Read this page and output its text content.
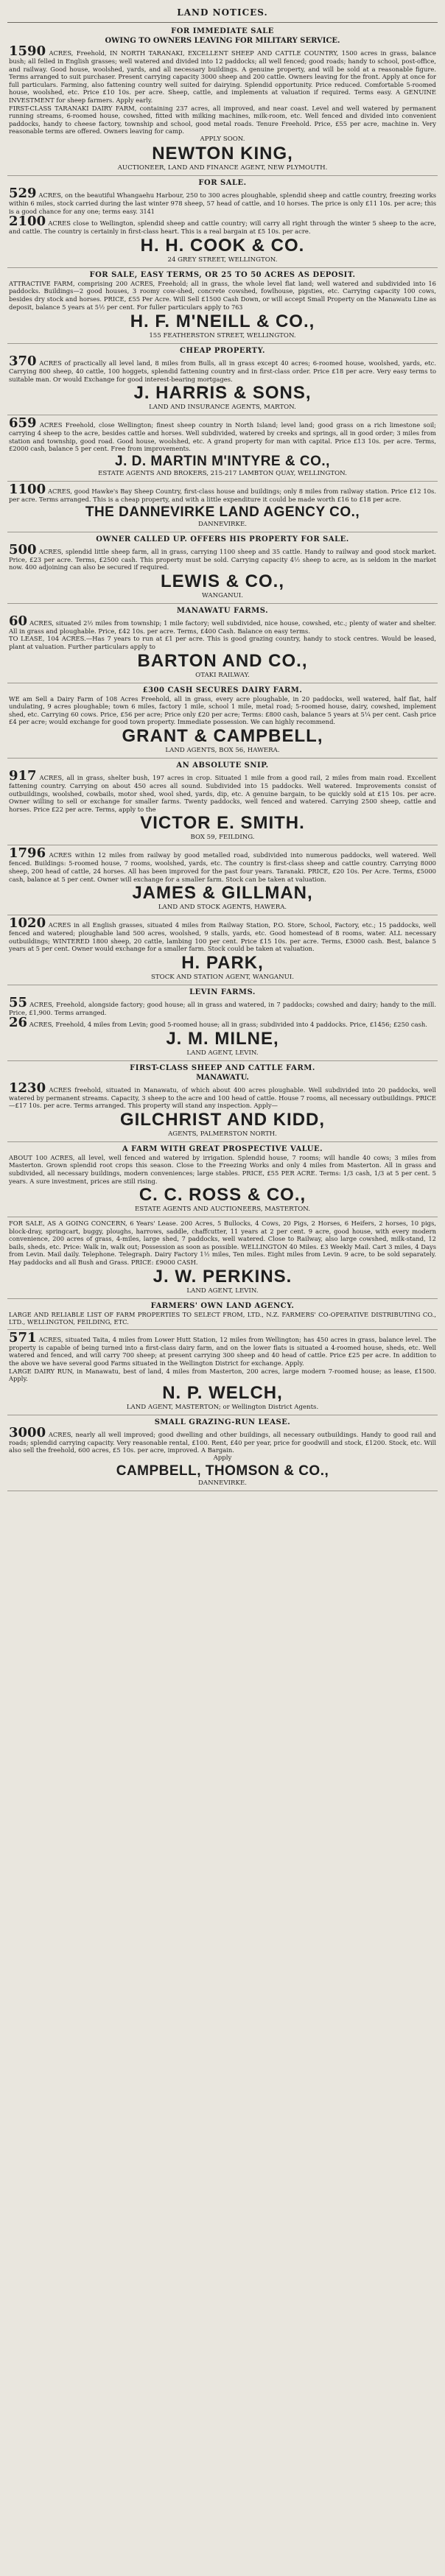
LAND NOTICES.
FOR IMMEDIATE SALE
OWING TO OWNERS LEAVING FOR MILITARY SERVICE.
1590 ACRES, Freehold, IN NORTH TARANAKI, EXCELLENT SHEEP AND CATTLE COUNTRY, 1500 acres in grass, balance bush; all felled in English grasses; well watered and divided into 12 paddocks; all well fenced; good roads; handy to school, post-office, and railway. Good house, woolshed, yards, and all necessary buildings. A genuine property, and will be sold at a reasonable figure. Terms arranged to suit purchaser. Present carrying capacity 3000 sheep and 200 cattle. Owners leaving for the front. Apply at once for full particulars. Farming, also fattening country well suited for dairying. Splendid opportunity. Price reduced. Comfortable 5-roomed house, woolshed, etc. Price £10 10s. per acre. Sheep, cattle, and implements at valuation if required. Terms easy. A GENUINE INVESTMENT for sheep farmers. Apply early.
FIRST-CLASS TARANAKI DAIRY FARM, containing 237 acres, all improved, and near coast. Level and well watered by permanent running streams, 6-roomed house, cowshed, fitted with milking machines, milk-room, etc. Well fenced and divided into convenient paddocks, handy to cheese factory, township and school, good metal roads. Tenure Freehold. Price, £55 per acre, machine in. Very reasonable terms are offered. Owners leaving for camp.
APPLY SOON.
NEWTON KING,
AUCTIONEER, LAND AND FINANCE AGENT, NEW PLYMOUTH.
FOR SALE.
529 ACRES, on the beautiful Whangaehu Harbour, 250 to 300 acres ploughable, splendid sheep and cattle country, freezing works within 6 miles, stock carried during the last winter 978 sheep, 57 head of cattle, and 10 horses. The price is only £11 10s. per acre; this is a good chance for any one; terms easy. 3141
2100 ACRES close to Wellington, splendid sheep and cattle country; will carry all right through the winter 5 sheep to the acre, and cattle. The country is certainly in first-class heart. This is a real bargain at £5 10s. per acre.
H. H. COOK & CO.
24 GREY STREET, WELLINGTON.
FOR SALE, EASY TERMS, OR 25 TO 50 ACRES AS DEPOSIT.
ATTRACTIVE FARM, comprising 200 ACRES, Freehold; all in grass, the whole level flat land; well watered and subdivided into 16 paddocks. Buildings—2 good houses, 3 roomy cow-shed, concrete cowshed, fowlhouse, pigsties, etc. Carrying capacity 100 cows, besides dry stock and horses. PRICE, £55 Per Acre. Will Sell £1500 Cash Down, or will accept Small Property on the Manawatu Line as deposit, balance 5 years at 5½ per cent. For fuller particulars apply to 763
H. F. M'NEILL & CO.,
155 FEATHERSTON STREET, WELLINGTON.
CHEAP PROPERTY.
370 ACRES of practically all level land, 8 miles from Bulls, all in grass except 40 acres; 6-roomed house, woolshed, yards, etc. Carrying 800 sheep, 40 cattle, 100 hoggets, splendid fattening country and in first-class order. Price £18 per acre. Very easy terms to suitable man. Or would Exchange for good interest-bearing mortgages.
J. HARRIS & SONS,
LAND AND INSURANCE AGENTS, MARTON.
659 ACRES Freehold, close Wellington; finest sheep country in North Island; level land; good grass on a rich limestone soil; carrying 4 sheep to the acre, besides cattle and horses. Well subdivided, watered by creeks and springs, all in good order; 3 miles from station and township, good road. Good house, woolshed, etc. A grand property for man with capital. Price £13 10s. per acre. Terms, £2000 cash, balance 5 per cent. Free from improvements.
J. D. MARTIN M'INTYRE & CO.,
ESTATE AGENTS AND BROKERS, 215-217 LAMBTON QUAY, WELLINGTON.
1100 ACRES, good Hawke's Bay Sheep Country, first-class house and buildings; only 8 miles from railway station. Price £12 10s. per acre. Terms arranged. This is a cheap property, and with a little expenditure it could be made worth £16 to £18 per acre.
THE DANNEVIRKE LAND AGENCY CO.,
DANNEVIRKE.
OWNER CALLED UP. OFFERS HIS PROPERTY FOR SALE.
500 ACRES, splendid little sheep farm, all in grass, carrying 1100 sheep and 35 cattle. Handy to railway and good stock market. Price, £23 per acre. Terms, £2500 cash. This property must be sold. Carrying capacity 4½ sheep to acre, as is seldom in the market now. 400 adjoining can also be secured if required.
LEWIS & CO.,
WANGANUI.
MANAWATU FARMS.
60 ACRES, situated 2½ miles from township; 1 mile factory; well subdivided, nice house, cowshed, etc.; plenty of water and shelter. All in grass and ploughable. Price, £42 10s. per acre. Terms, £400 Cash. Balance on easy terms.
TO LEASE, 104 ACRES.—Has 7 years to run at £1 per acre. This is good grazing country, handy to stock centres. Would be leased, plant at valuation. Further particulars apply to
BARTON AND CO.,
OTAKI RAILWAY.
£300 CASH SECURES DAIRY FARM.
WE am Sell a Dairy Farm of 108 Acres Freehold, all in grass, every acre ploughable, in 20 paddocks, well watered, half flat, half undulating, 9 acres ploughable; town 6 miles, factory 1 mile, school 1 mile, metal road; 5-roomed house, dairy, cowshed, implement shed, etc. Carrying 60 cows. Price, £56 per acre; Price only £20 per acre; Terms: £800 cash, balance 5 years at 5¼ per cent. Cash price £4 per acre; would exchange for good town property. Immediate possession. We can highly recommend.
GRANT & CAMPBELL,
LAND AGENTS, BOX 56, HAWERA.
AN ABSOLUTE SNIP.
917 ACRES, all in grass, shelter bush, 197 acres in crop. Situated 1 mile from a good rail, 2 miles from main road. Excellent fattening country. Carrying on about 450 acres all sound. Subdivided into 15 paddocks. Well watered. Improvements consist of outbuildings, woolshed, cowbails, motor shed, wool shed, yards, dip, etc. A genuine bargain, to be quickly sold at £15 10s. per acre. Owner willing to sell or exchange for smaller farms. Twenty paddocks, well fenced and watered. Carrying 2500 sheep, cattle and horses. Price £22 per acre. Terms, apply to the
VICTOR E. SMITH.
BOX 59, FEILDING.
1796 ACRES within 12 miles from railway by good metalled road, subdivided into numerous paddocks, well watered. Well fenced. Buildings: 5-roomed house, 7 rooms, woolshed, yards, etc. The country is first-class sheep and cattle country. Carrying 8000 sheep, 200 head of cattle, 24 horses. All has been improved for the past four years. Taranaki. PRICE, £20 10s. Per Acre. Terms, £5000 cash, balance at 5 per cent. Owner will exchange for a smaller farm. Stock can be taken at valuation.
JAMES & GILLMAN,
LAND AND STOCK AGENTS, HAWERA.
1020 ACRES in all English grasses, situated 4 miles from Railway Station, P.O. Store, School, Factory, etc.; 15 paddocks, well fenced and watered; ploughable land 500 acres, woolshed, 9 stalls, yards, etc. Good homestead of 8 rooms, water. ALL necessary outbuildings; WINTERED 1800 sheep, 20 cattle, lambing 100 per cent. Price £15 10s. per acre. Terms, £3000 cash. Best, balance 5 years at 5 per cent. Owner would exchange for a smaller farm. Stock could be taken at valuation.
H. PARK,
STOCK AND STATION AGENT, WANGANUI.
LEVIN FARMS.
55 ACRES, Freehold, alongside factory; good house; all in grass and watered, in 7 paddocks; cowshed and dairy; handy to the mill. Price, £1,900. Terms arranged.
26 ACRES, Freehold, 4 miles from Levin; good 5-roomed house; all in grass; subdivided into 4 paddocks. Price, £1456; £250 cash.
J. M. MILNE,
LAND AGENT, LEVIN.
FIRST-CLASS SHEEP AND CATTLE FARM.
MANAWATU.
1230 ACRES freehold, situated in Manawatu, of which about 400 acres ploughable. Well subdivided into 20 paddocks, well watered by permanent streams. Capacity, 3 sheep to the acre and 100 head of cattle. House 7 rooms, all necessary outbuildings. PRICE—£17 10s. per acre. Terms arranged. This property will stand any inspection. Apply—
GILCHRIST AND KIDD,
AGENTS, PALMERSTON NORTH.
A FARM WITH GREAT PROSPECTIVE VALUE.
ABOUT 100 ACRES, all level, well fenced and watered by irrigation. Splendid house, 7 rooms; will handle 40 cows; 3 miles from Masterton. Grown splendid root crops this season. Close to the Freezing Works and only 4 miles from Masterton. All in grass and subdivided, all necessary buildings, modern conveniences; large stables. PRICE, £55 PER ACRE. Terms: 1/3 cash, 1/3 at 5 per cent. 5 years. A sure investment, prices are still rising.
C. C. ROSS & CO.,
ESTATE AGENTS AND AUCTIONEERS, MASTERTON.
FOR SALE, AS A GOING CONCERN, 6 Years' Lease. 200 Acres, 5 Bullocks, 4 Cows, 20 Pigs, 2 Horses, 6 Heifers, 2 horses, 10 pigs, block-dray, springcart, buggy, ploughs, harrows, saddle, chaffcutter, 11 years at 2 per cent. 9 acre, good house, with every modern convenience, 200 acres of grass, 4-miles, large shed, 7 paddocks, well watered. Close to Railway, also large cowshed, milk-stand, 12 bails, sheds, etc. Price: Walk in, walk out; Possession as soon as possible. WELLINGTON 40 Miles. £3 Weekly Mail. Cart 3 miles, 4 Days from Levin. Mail daily. Telephone. Telegraph. Dairy Factory 1½ miles, Ten miles. Eight miles from Levin. 9 acre, to be sold separately. Hay paddocks and all Bush and Grass. PRICE: £9000 CASH.
J. W. PERKINS.
LAND AGENT, LEVIN.
FARMERS' OWN LAND AGENCY.
LARGE AND RELIABLE LIST OF FARM PROPERTIES TO SELECT FROM, LTD., N.Z. FARMERS' CO-OPERATIVE DISTRIBUTING CO., LTD., WELLINGTON, FEILDING, ETC.
571 ACRES, situated Taita, 4 miles from Lower Hutt Station, 12 miles from Wellington; has 450 acres in grass, balance level. The property is capable of being turned into a first-class dairy farm, and on the lower flats is situated a 4-roomed house, sheds, etc. Well watered and fenced, and will carry 700 sheep; at present carrying 300 sheep and 40 head of cattle. Price £25 per acre. In addition to the above we have several good Farms situated in the Wellington District for exchange. Apply.
LARGE DAIRY RUN, in Manawatu, best of land, 4 miles from Masterton, 200 acres, large modern 7-roomed house; as lease, £1500. Apply.
N. P. WELCH,
LAND AGENT, MASTERTON; or Wellington District Agents.
SMALL GRAZING-RUN LEASE.
3000 ACRES, nearly all well improved; good dwelling and other buildings, all necessary outbuildings. Handy to good rail and roads; splendid carrying capacity. Very reasonable rental, £100. Rent, £40 per year, price for goodwill and stock, £1200. Stock, etc. Will also sell the freehold, 600 acres, £5 10s. per acre, improved. A Bargain.
Apply
CAMPBELL, THOMSON & CO.,
DANNEVIRKE.
